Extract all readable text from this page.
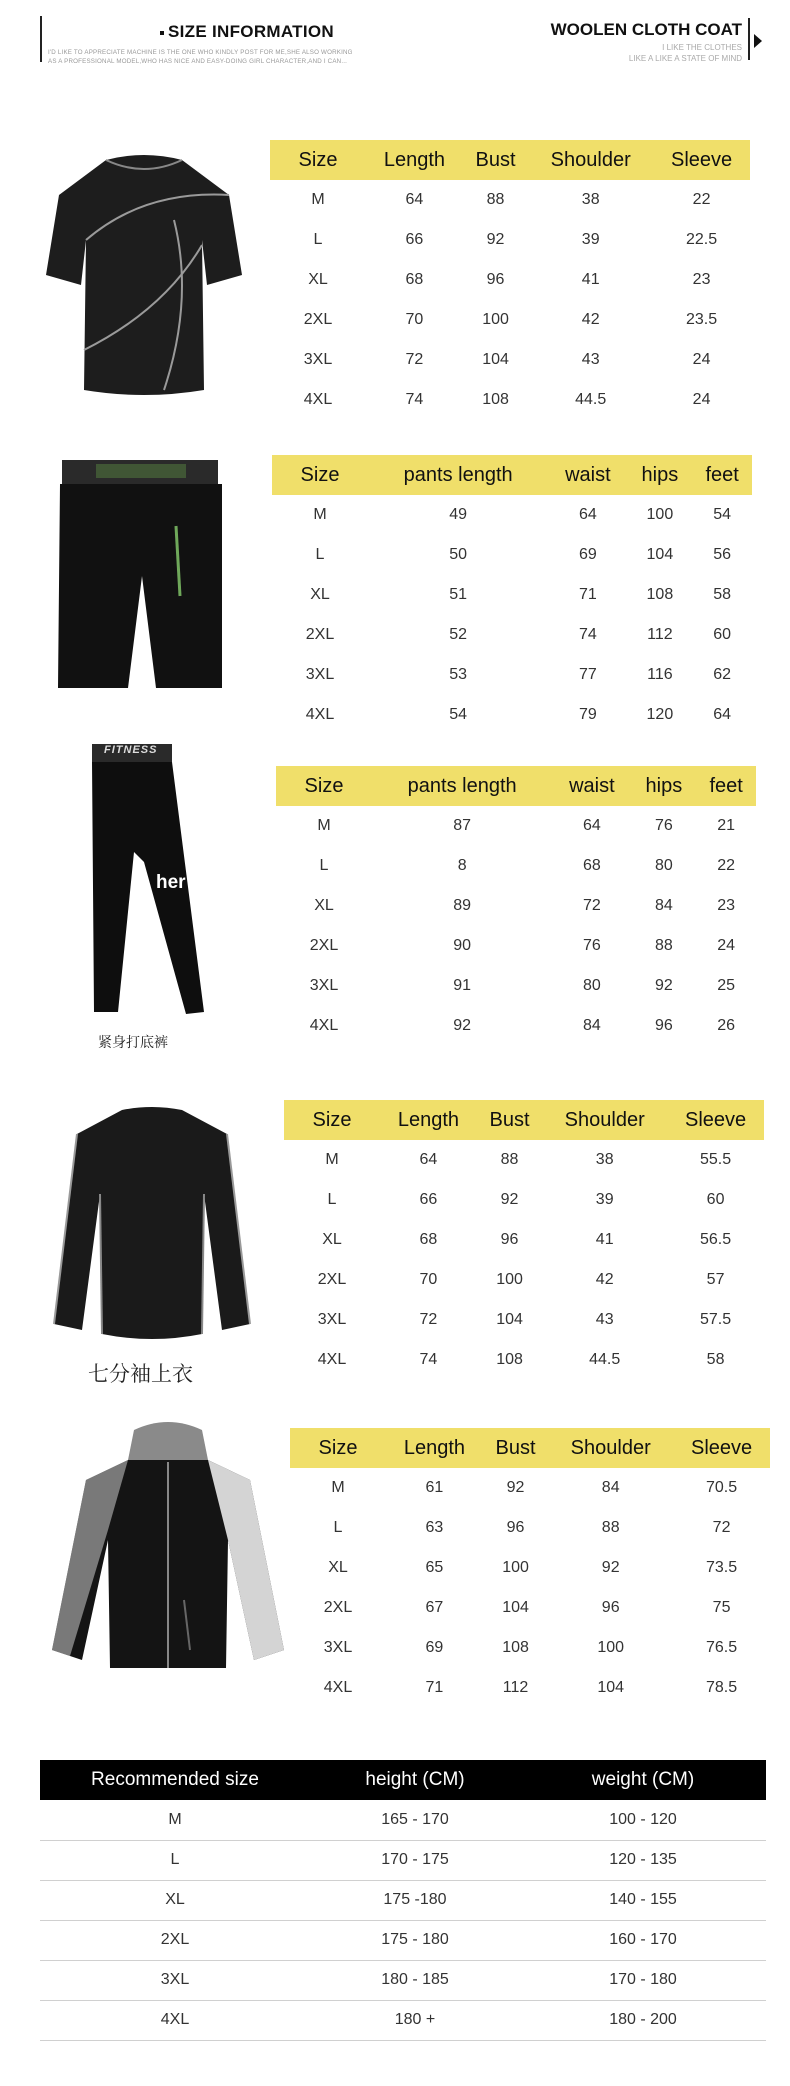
SIZE INFORMATION
I'D LIKE TO APPRECIATE MACHINE IS THE ONE WHO KINDLY POST FOR ME,SHE ALSO WORKING
AS A PROFESSIONAL MODEL,WHO HAS NICE AND EASY-DOING GIRL CHARACTER,AND I CAN...
WOOLEN CLOTH COAT
I LIKE THE CLOTHES
LIKE A LIKE A STATE OF MIND
FITNESS
e	her
紧身打底裤
七分袖上衣
Size	Length	Bust	Shoulder	Sleeve
M	64	88	38	22
L	66	92	39	22.5
XL	68	96	41	23
2XL	70	100	42	23.5
3XL	72	104	43	24
4XL	74	108	44.5	24
Size	pants length	waist	hips	feet
M	49	64	100	54
L	50	69	104	56
XL	51	71	108	58
2XL	52	74	112	60
3XL	53	77	116	62
4XL	54	79	120	64
Size	pants length	waist	hips	feet
M	87	64	76	21
L	8	68	80	22
XL	89	72	84	23
2XL	90	76	88	24
3XL	91	80	92	25
4XL	92	84	96	26
Size	Length	Bust	Shoulder	Sleeve
M	64	88	38	55.5
L	66	92	39	60
XL	68	96	41	56.5
2XL	70	100	42	57
3XL	72	104	43	57.5
4XL	74	108	44.5	58
Size	Length	Bust	Shoulder	Sleeve
M	61	92	84	70.5
L	63	96	88	72
XL	65	100	92	73.5
2XL	67	104	96	75
3XL	69	108	100	76.5
4XL	71	112	104	78.5
Recommended size	height (CM)	weight (CM)
M	165 - 170	100 - 120
L	170 - 175	120 - 135
XL	175 -180	140 - 155
2XL	175 - 180	160 - 170
3XL	180 - 185	170 - 180
4XL	180 +	180 - 200
